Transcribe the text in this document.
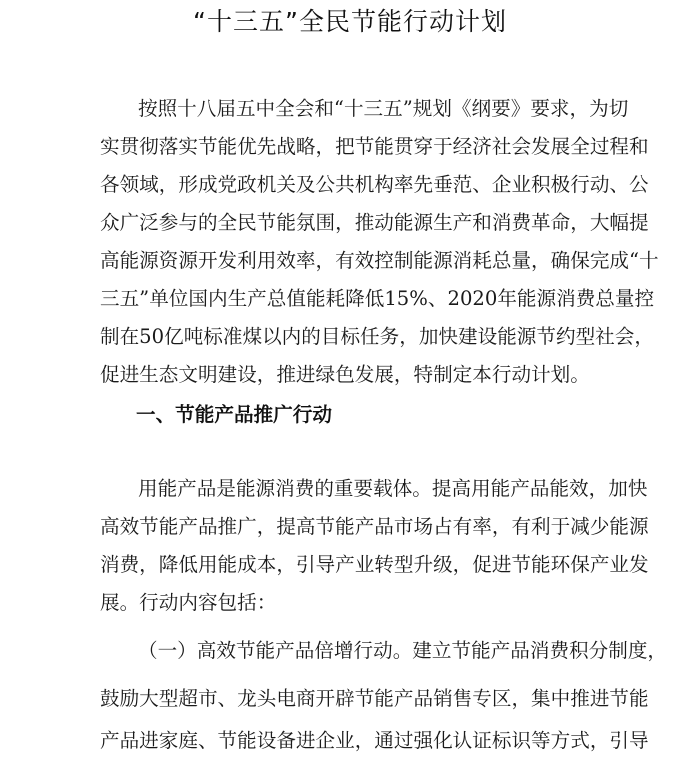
“十三五”全民节能行动计划
按照十八届五中全会和“十三五”规划《纲要》要求，为切
实贯彻落实节能优先战略，把节能贯穿于经济社会发展全过程和
各领域，形成党政机关及公共机构率先垂范、企业积极行动、公
众广泛参与的全民节能氛围，推动能源生产和消费革命，大幅提
高能源资源开发利用效率，有效控制能源消耗总量，确保完成“十
三五”单位国内生产总值能耗降低15%、2020年能源消费总量控
制在50亿吨标准煤以内的目标任务，加快建设能源节约型社会，
促进生态文明建设，推进绿色发展，特制定本行动计划。
一、节能产品推广行动
用能产品是能源消费的重要载体。提高用能产品能效，加快
高效节能产品推广，提高节能产品市场占有率，有利于减少能源
消费，降低用能成本，引导产业转型升级，促进节能环保产业发
展。行动内容包括：
（一）高效节能产品倍增行动。建立节能产品消费积分制度，
鼓励大型超市、龙头电商开辟节能产品销售专区，集中推进节能
产品进家庭、节能设备进企业，通过强化认证标识等方式，引导
